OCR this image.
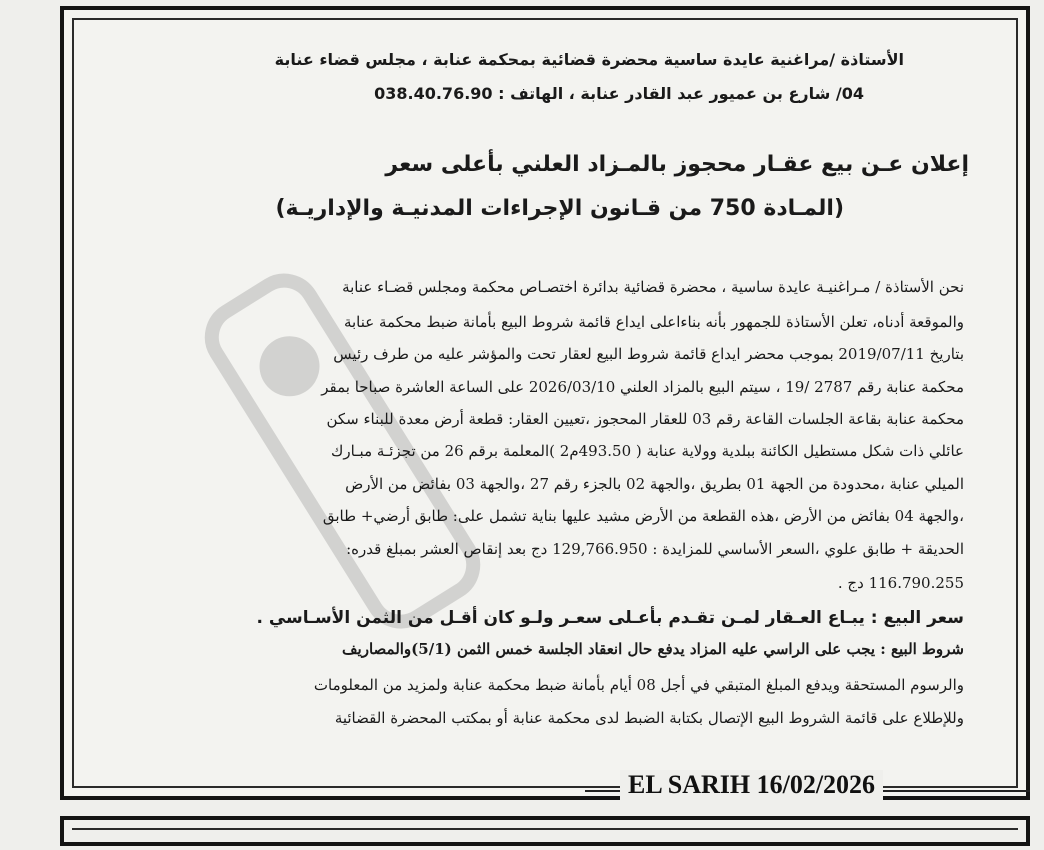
الأستاذة /مراغنية عايدة ساسية محضرة قضائية بمحكمة عنابة ، مجلس قضاء عنابة
04/ شارع بن عميور عبد القادر عنابة ، الهاتف : 038.40.76.90
إعلان عـن بيع عقـار محجوز بالمـزاد العلني بأعلى سعر
(المـادة 750 من قـانون الإجراءات المدنيـة والإداريـة)
نحن الأستاذة / مـراغنيـة عايدة ساسية ، محضرة قضائية بدائرة اختصـاص محكمة ومجلس قضـاء عنابة
والموقعة أدناه، تعلن الأستاذة للجمهور بأنه بناءاعلى ايداع قائمة شروط البيع بأمانة ضبط محكمة عنابة
بتاريخ 2019/07/11 بموجب محضر ايداع قائمة شروط البيع لعقار تحت والمؤشر عليه من طرف رئيس
محكمة عنابة رقم 2787 /19 ، سيتم البيع بالمزاد العلني 2026/03/10 على الساعة العاشرة صباحا بمقر
محكمة عنابة بقاعة الجلسات القاعة رقم 03 للعقار المحجوز ،تعيين العقار: قطعة أرض معدة للبناء سكن
عائلي ذات شكل مستطيل الكائنة ببلدية وولاية عنابة ( 493.50م2 )المعلمة برقم 26 من تجزئـة مبـارك
الميلي عنابة ،محدودة من الجهة 01 بطريق ،والجهة 02 بالجزء رقم 27 ،والجهة 03 بفائض من الأرض
،والجهة 04 بفائض من الأرض ،هذه القطعة من الأرض مشيد عليها بناية تشمل على: طابق أرضي+ طابق
الحديقة + طابق علوي ،السعر الأساسي للمزايدة : 129,766.950 دج بعد إنقاص العشر بمبلغ قدره:
116.790.255 دج .
سعر البيع : يبـاع العـقار لمـن تقـدم بأعـلى سعـر ولـو كان أقـل من الثمن الأسـاسي .
شروط البيع : يجب على الراسي عليه المزاد يدفع حال انعقاد الجلسة خمس الثمن (5/1)والمصاريف
والرسوم المستحقة ويدفع المبلغ المتبقي في أجل 08 أيام بأمانة ضبط محكمة عنابة ولمزيد من المعلومات
وللإطلاع على قائمة الشروط البيع الإتصال بكتابة الضبط لدى محكمة عنابة أو بمكتب المحضرة القضائية
EL SARIH 16/02/2026
